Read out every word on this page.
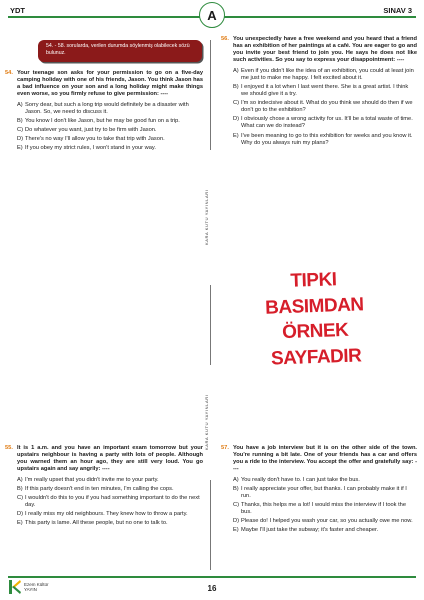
YDT	A	SINAV 3
KARA KUTU YAYINLARI
KARA KUTU YAYINLARI
54. - 58. sorularda, verilen durumda söylenmiş olabilecek sözü bulunuz.
54. Your teenage son asks for your permission to go on a five-day camping holiday with one of his friends, Jason. You think Jason has a bad influence on your son and a long holiday might make things even worse, so you firmly refuse to give permission: ----
A) Sorry dear, but such a long trip would definitely be a disaster with Jason. So, we need to discuss it.
B) You know I don't like Jason, but he may be good fun on a trip.
C) Do whatever you want, just try to be firm with Jason.
D) There's no way I'll allow you to take that trip with Jason.
E) If you obey my strict rules, I won't stand in your way.
56. You unexpectedly have a free weekend and you heard that a friend has an exhibition of her paintings at a café. You are eager to go and you invite your best friend to join you. He says he does not like such activities. So you say to express your disappointment: ----
A) Even if you didn't like the idea of an exhibition, you could at least join me just to make me happy. I felt excited about it.
B) I enjoyed it a lot when I last went there. She is a great artist. I think we should give it a try.
C) I'm so indecisive about it. What do you think we should do then if we don't go to the exhibition?
D) I obviously chose a wrong activity for us. It'll be a total waste of time. What can we do instead?
E) I've been meaning to go to this exhibition for weeks and you know it. Why do you always ruin my plans?
TIPKI BASIMDAN
ÖRNEK SAYFADIR
55. It is 1 a.m. and you have an important exam tomorrow but your upstairs neighbour is having a party with lots of people. Although you warned them an hour ago, they are still very loud. You go upstairs again and say angrily: ----
A) I'm really upset that you didn't invite me to your party.
B) If this party doesn't end in ten minutes, I'm calling the cops.
C) I wouldn't do this to you if you had something important to do the next day.
D) I really miss my old neighbours. They knew how to throw a party.
E) This party is lame. All these people, but no one to talk to.
57. You have a job interview but it is on the other side of the town. You're running a bit late. One of your friends has a car and offers you a ride to the interview. You accept the offer and gratefully say: ----
A) You really don't have to. I can just take the bus.
B) I really appreciate your offer, but thanks. I can probably make it if I run.
C) Thanks, this helps me a lot! I would miss the interview if I took the bus.
D) Please do! I helped you wash your car, so you actually owe me now.
E) Maybe I'll just take the subway; it's faster and cheaper.
Ezem Kültür
YAYIN	16
